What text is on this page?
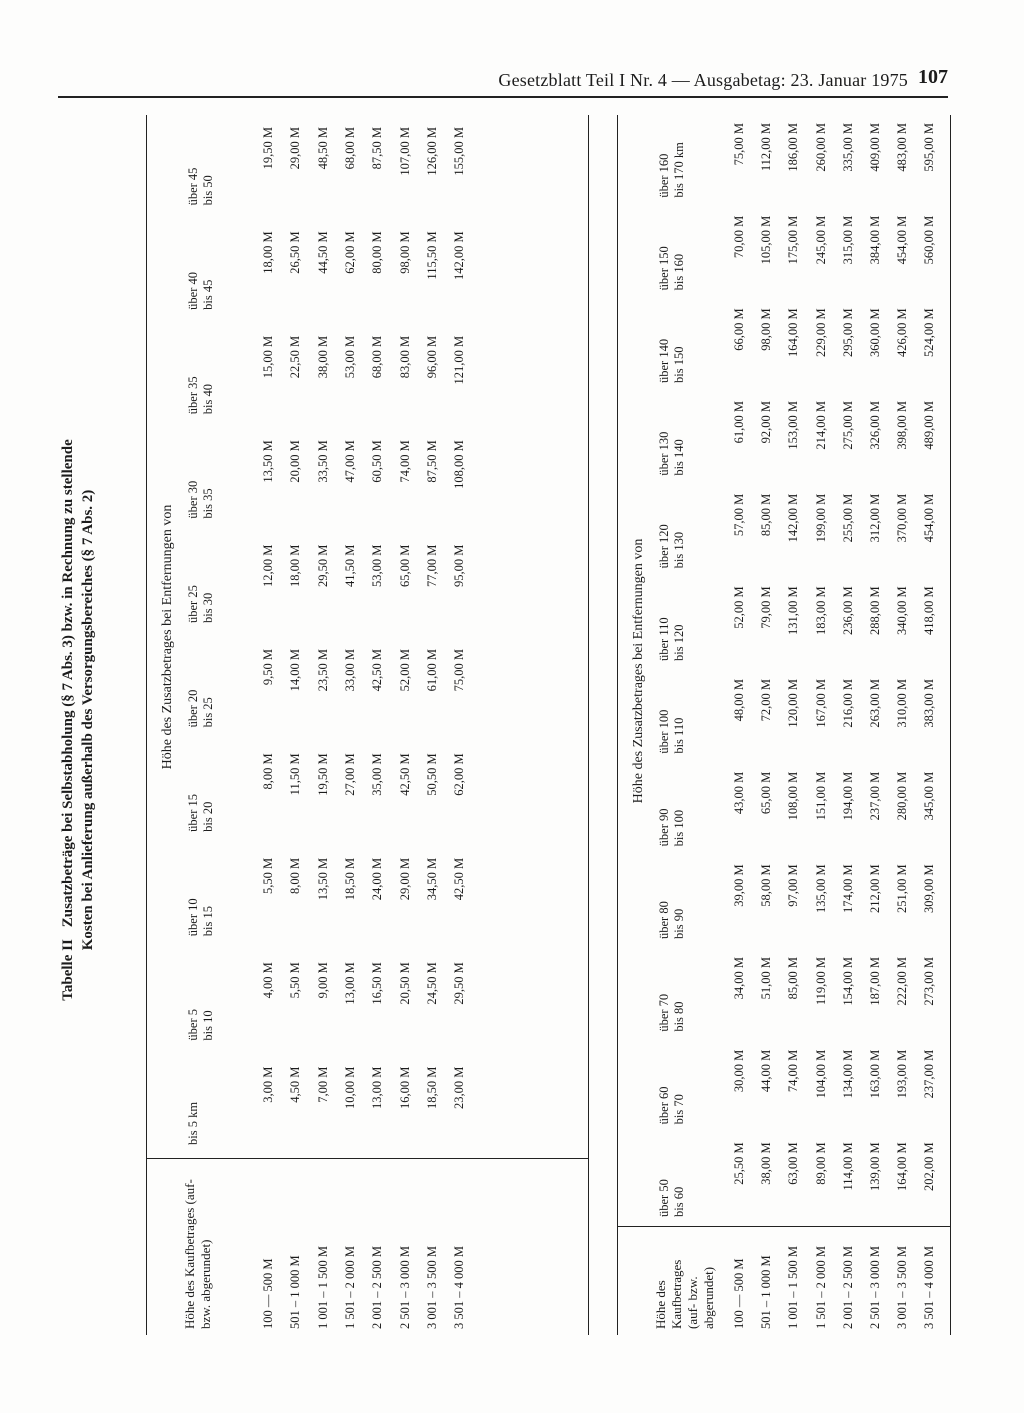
Gesetzblatt Teil I Nr. 4 — Ausgabetag: 23. Januar 1975 107
Tabelle IIZusatzbeträge bei Selbstabholung (§ 7 Abs. 3) bzw. in Rechnung zu stellende Kosten bei Anlieferung außerhalb des Versorgungsbereiches (§ 7 Abs. 2)
Höhe des Kaufbetrages (auf- bzw. abgerundet)
Höhe des Zusatzbetrages bei Entfernungen von
bis 5 km
über 5
bis 10
über 10
bis 15
über 15
bis 20
über 20
bis 25
über 25
bis 30
über 30
bis 35
über 35
bis 40
über 40
bis 45
über 45
bis 50
100 — 500 M
3,00 M
4,00 M
5,50 M
8,00 M
9,50 M
12,00 M
13,50 M
15,00 M
18,00 M
19,50 M
501 – 1 000 M
4,50 M
5,50 M
8,00 M
11,50 M
14,00 M
18,00 M
20,00 M
22,50 M
26,50 M
29,00 M
1 001 – 1 500 M
7,00 M
9,00 M
13,50 M
19,50 M
23,50 M
29,50 M
33,50 M
38,00 M
44,50 M
48,50 M
1 501 – 2 000 M
10,00 M
13,00 M
18,50 M
27,00 M
33,00 M
41,50 M
47,00 M
53,00 M
62,00 M
68,00 M
2 001 – 2 500 M
13,00 M
16,50 M
24,00 M
35,00 M
42,50 M
53,00 M
60,50 M
68,00 M
80,00 M
87,50 M
2 501 – 3 000 M
16,00 M
20,50 M
29,00 M
42,50 M
52,00 M
65,00 M
74,00 M
83,00 M
98,00 M
107,00 M
3 001 – 3 500 M
18,50 M
24,50 M
34,50 M
50,50 M
61,00 M
77,00 M
87,50 M
96,00 M
115,50 M
126,00 M
3 501 – 4 000 M
23,00 M
29,50 M
42,50 M
62,00 M
75,00 M
95,00 M
108,00 M
121,00 M
142,00 M
155,00 M
Höhe des Kaufbetrages (auf- bzw. abgerundet)
Höhe des Zusatzbetrages bei Entfernungen von
über 50
bis 60
über 60
bis 70
über 70
bis 80
über 80
bis 90
über 90
bis 100
über 100
bis 110
über 110
bis 120
über 120
bis 130
über 130
bis 140
über 140
bis 150
über 150
bis 160
über 160
bis 170 km
100 — 500 M
25,50 M
30,00 M
34,00 M
39,00 M
43,00 M
48,00 M
52,00 M
57,00 M
61,00 M
66,00 M
70,00 M
75,00 M
501 – 1 000 M
38,00 M
44,00 M
51,00 M
58,00 M
65,00 M
72,00 M
79,00 M
85,00 M
92,00 M
98,00 M
105,00 M
112,00 M
1 001 – 1 500 M
63,00 M
74,00 M
85,00 M
97,00 M
108,00 M
120,00 M
131,00 M
142,00 M
153,00 M
164,00 M
175,00 M
186,00 M
1 501 – 2 000 M
89,00 M
104,00 M
119,00 M
135,00 M
151,00 M
167,00 M
183,00 M
199,00 M
214,00 M
229,00 M
245,00 M
260,00 M
2 001 – 2 500 M
114,00 M
134,00 M
154,00 M
174,00 M
194,00 M
216,00 M
236,00 M
255,00 M
275,00 M
295,00 M
315,00 M
335,00 M
2 501 – 3 000 M
139,00 M
163,00 M
187,00 M
212,00 M
237,00 M
263,00 M
288,00 M
312,00 M
326,00 M
360,00 M
384,00 M
409,00 M
3 001 – 3 500 M
164,00 M
193,00 M
222,00 M
251,00 M
280,00 M
310,00 M
340,00 M
370,00 M
398,00 M
426,00 M
454,00 M
483,00 M
3 501 – 4 000 M
202,00 M
237,00 M
273,00 M
309,00 M
345,00 M
383,00 M
418,00 M
454,00 M
489,00 M
524,00 M
560,00 M
595,00 M
